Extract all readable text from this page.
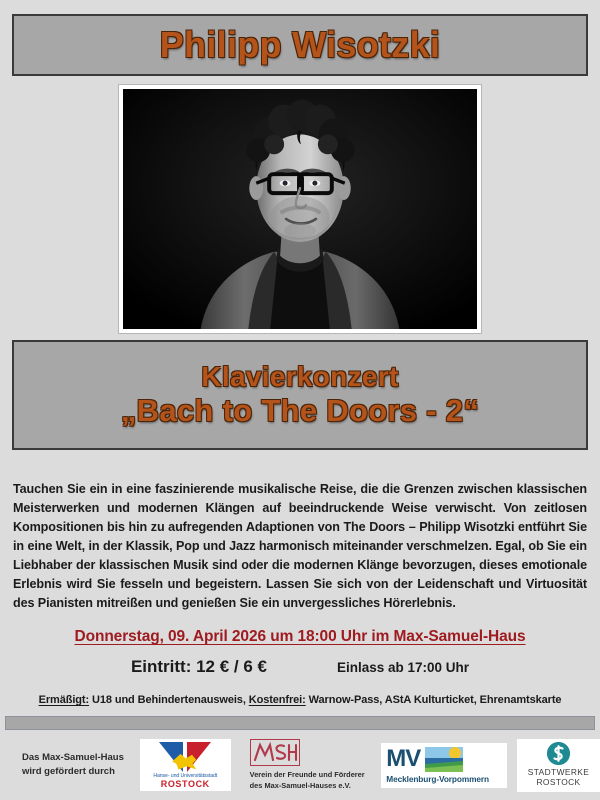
Philipp Wisotzki
Klavierkonzert
„Bach to The Doors - 2“

Tauchen Sie ein in eine faszinierende musikalische Reise, die die Grenzen zwischen klassischen Meisterwerken und modernen Klängen auf beeindruckende Weise verwischt. Von zeitlosen Kompositionen bis hin zu aufregenden Adaptionen von The Doors – Philipp Wisotzki entführt Sie in eine Welt, in der Klassik, Pop und Jazz harmonisch miteinander verschmelzen. Egal, ob Sie ein Liebhaber der klassischen Musik sind oder die modernen Klänge bevorzugen, dieses emotionale Erlebnis wird Sie fesseln und begeistern. Lassen Sie sich von der Leidenschaft und Virtuosität des Pianisten mitreißen und genießen Sie ein unvergessliches Hörerlebnis.

Donnerstag, 09. April 2026 um 18:00 Uhr im Max-Samuel-Haus
Eintritt: 12 € / 6 €	Einlass ab 17:00 Uhr
Ermäßigt: U18 und Behindertenausweis, Kostenfrei: Warnow-Pass, AStA Kulturticket, Ehrenamtskarte
Das Max-Samuel-Haus
wird gefördert durch	Hanse- und Universitätsstadt
ROSTOCK
Verein der Freunde und Förderer
des Max-Samuel-Hauses e.V.
MV
Mecklenburg-Vorpommern
STADTWERKE
ROSTOCK
